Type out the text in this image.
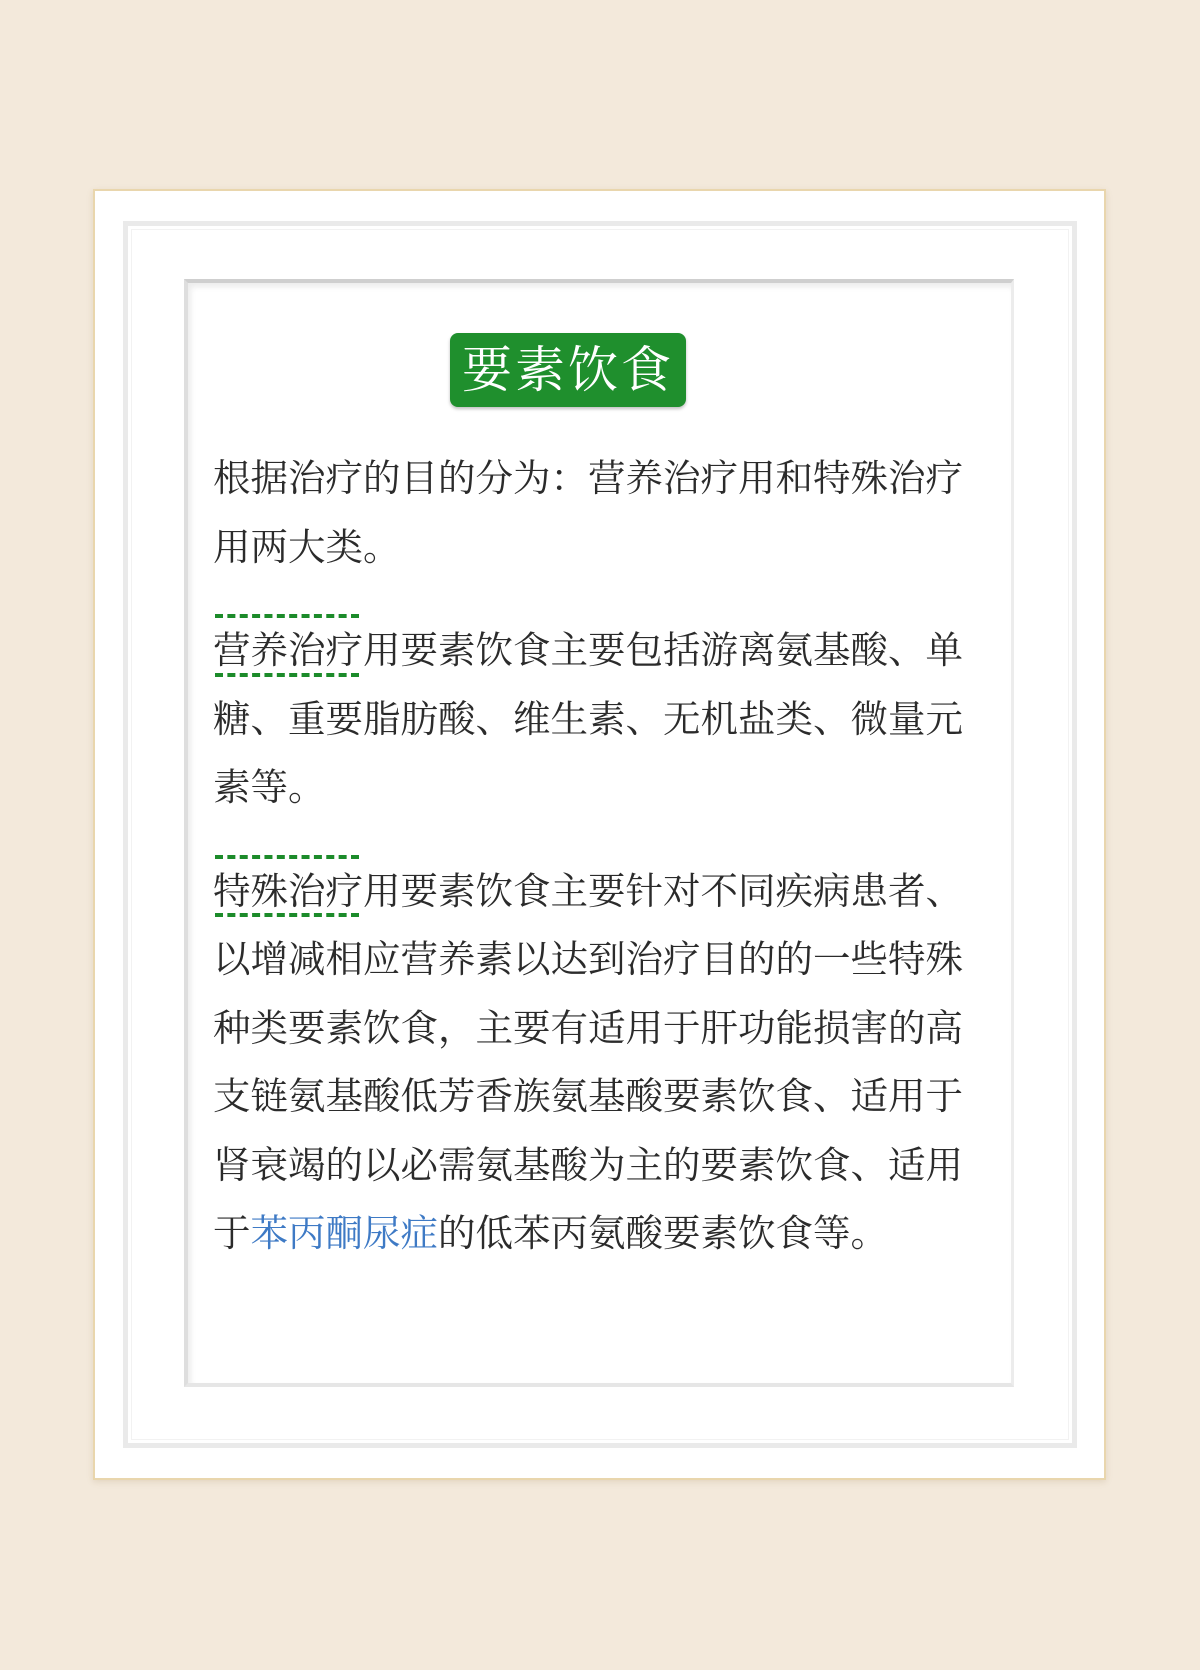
要素饮食

根据治疗的目的分为：营养治疗用和特殊治疗用两大类。

营养治疗用要素饮食主要包括游离氨基酸、单糖、重要脂肪酸、维生素、无机盐类、微量元素等。

特殊治疗用要素饮食主要针对不同疾病患者、以增减相应营养素以达到治疗目的的一些特殊种类要素饮食，主要有适用于肝功能损害的高支链氨基酸低芳香族氨基酸要素饮食、适用于肾衰竭的以必需氨基酸为主的要素饮食、适用于苯丙酮尿症的低苯丙氨酸要素饮食等。
